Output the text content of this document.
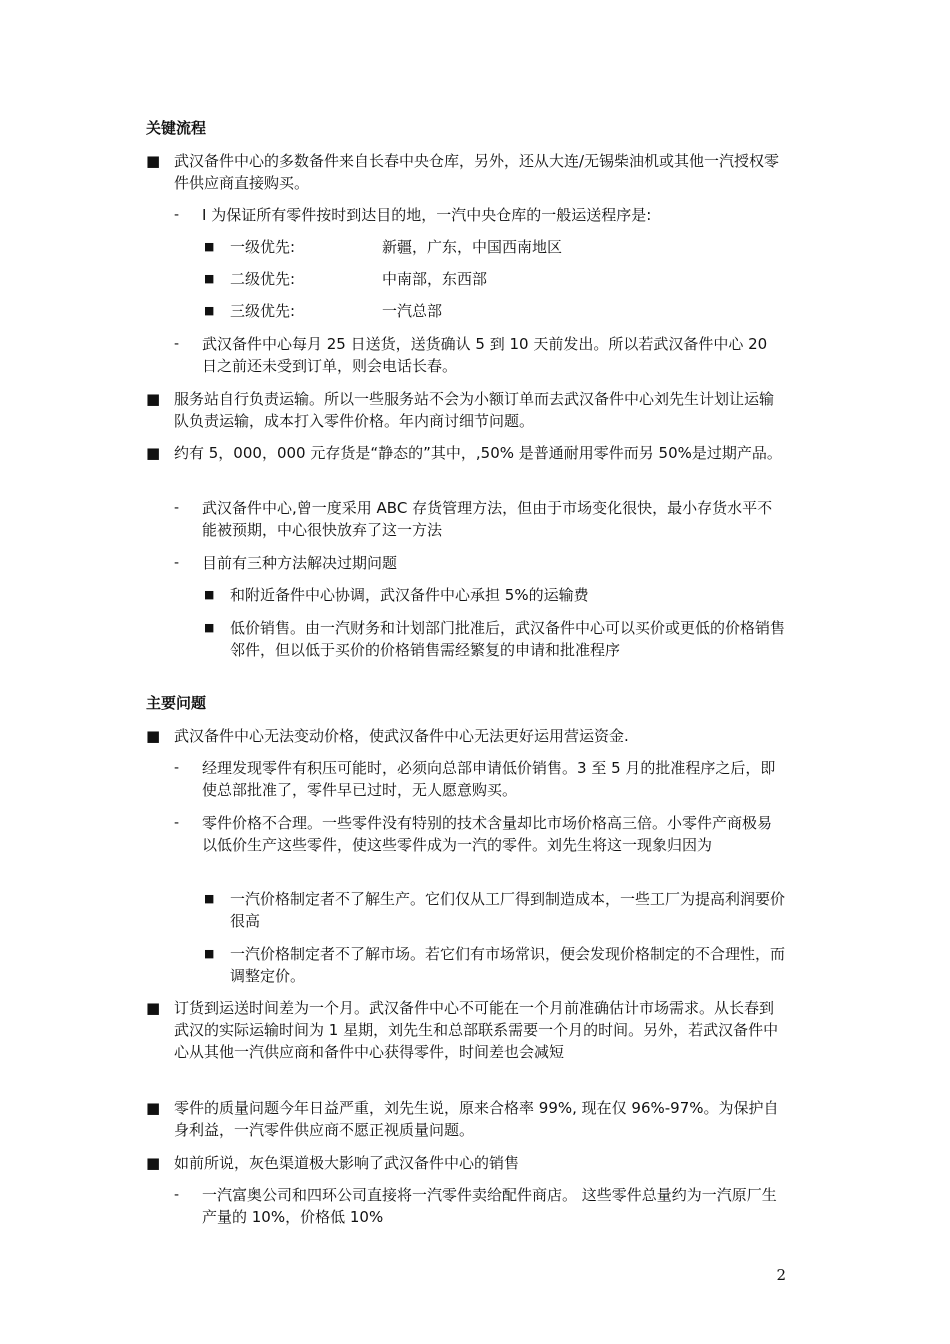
关键流程
■ 武汉备件中心的多数备件来自长春中央仓库，另外，还从大连/无锡柴油机或其他一汽授权零件供应商直接购买。
- I 为保证所有零件按时到达目的地，一汽中央仓库的一般运送程序是:
■ 一级优先:	新疆，广东，中国西南地区
■ 二级优先:	中南部，东西部
■ 三级优先:	一汽总部
- 武汉备件中心每月 25 日送货，送货确认 5 到 10 天前发出。所以若武汉备件中心 20 日之前还未受到订单，则会电话长春。
■ 服务站自行负责运输。所以一些服务站不会为小额订单而去武汉备件中心刘先生计划让运输队负责运输，成本打入零件价格。年内商讨细节问题。
■ 约有 5，000，000 元存货是“静态的”其中，,50% 是普通耐用零件而另 50%是过期产品。
- 武汉备件中心,曾一度采用 ABC 存货管理方法，但由于市场变化很快，最小存货水平不能被预期，中心很快放弃了这一方法
- 目前有三种方法解决过期问题
■ 和附近备件中心协调，武汉备件中心承担 5%的运输费
■ 低价销售。由一汽财务和计划部门批准后，武汉备件中心可以买价或更低的价格销售邻件，但以低于买价的价格销售需经繁复的申请和批准程序
主要问题
■ 武汉备件中心无法变动价格，使武汉备件中心无法更好运用营运资金.
- 经理发现零件有积压可能时，必须向总部申请低价销售。3 至 5 月的批准程序之后，即使总部批准了，零件早已过时，无人愿意购买。
- 零件价格不合理。一些零件没有特别的技术含量却比市场价格高三倍。小零件产商极易以低价生产这些零件，使这些零件成为一汽的零件。刘先生将这一现象归因为
■ 一汽价格制定者不了解生产。它们仅从工厂得到制造成本，一些工厂为提高利润要价很高
■ 一汽价格制定者不了解市场。若它们有市场常识，便会发现价格制定的不合理性，而调整定价。
■ 订货到运送时间差为一个月。武汉备件中心不可能在一个月前准确估计市场需求。从长春到武汉的实际运输时间为 1 星期，刘先生和总部联系需要一个月的时间。另外，若武汉备件中心从其他一汽供应商和备件中心获得零件，时间差也会减短
■ 零件的质量问题今年日益严重，刘先生说，原来合格率 99%, 现在仅 96%-97%。为保护自身利益，一汽零件供应商不愿正视质量问题。
■ 如前所说，灰色渠道极大影响了武汉备件中心的销售
- 一汽富奥公司和四环公司直接将一汽零件卖给配件商店。 这些零件总量约为一汽原厂生产量的 10%，价格低 10%
2
